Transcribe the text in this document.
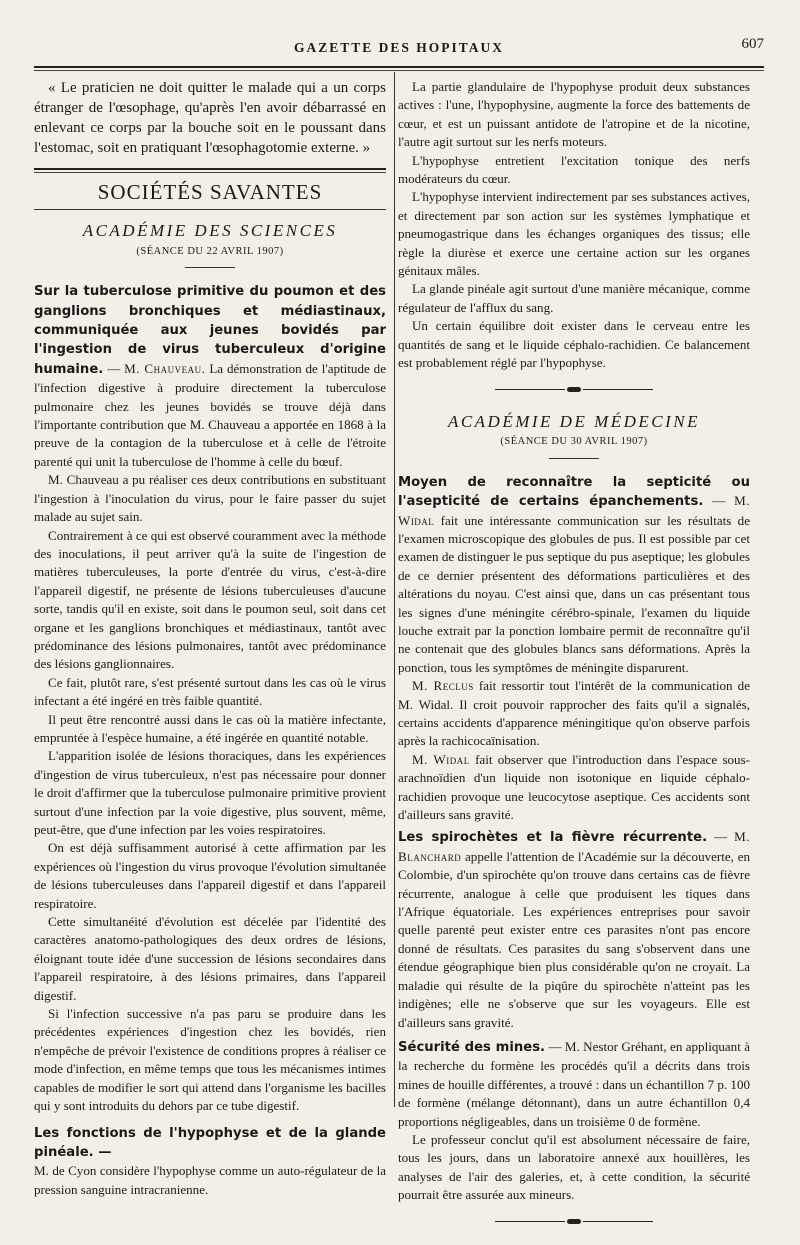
GAZETTE DES HOPITAUX	607

« Le praticien ne doit quitter le malade qui a un corps étranger de l'œsophage, qu'après l'en avoir débarrassé en enlevant ce corps par la bouche soit en le poussant dans l'estomac, soit en pratiquant l'œsophagotomie externe. »

SOCIÉTÉS SAVANTES
ACADÉMIE DES SCIENCES
(SÉANCE DU 22 AVRIL 1907)

Sur la tuberculose primitive du poumon et des ganglions bronchiques et médiastinaux, communiquée aux jeunes bovidés par l'ingestion de virus tuberculeux d'origine humaine. — M. Chauveau. La démonstration de l'aptitude de l'infection digestive à produire directement la tuberculose pulmonaire chez les jeunes bovidés se trouve déjà dans l'importante contribution que M. Chauveau a apportée en 1868 à la preuve de la contagion de la tuberculose et à celle de l'étroite parenté qui unit la tuberculose de l'homme à celle du bœuf.

M. Chauveau a pu réaliser ces deux contributions en substituant l'ingestion à l'inoculation du virus, pour le faire passer du sujet malade au sujet sain.

Contrairement à ce qui est observé couramment avec la méthode des inoculations, il peut arriver qu'à la suite de l'ingestion de matières tuberculeuses, la porte d'entrée du virus, c'est-à-dire l'appareil digestif, ne présente de lésions tuberculeuses d'aucune sorte, tandis qu'il en existe, soit dans le poumon seul, soit dans cet organe et les ganglions bronchiques et médiastinaux, tantôt avec prédominance des lésions pulmonaires, tantôt avec prédominance des lésions ganglionnaires.

Ce fait, plutôt rare, s'est présenté surtout dans les cas où le virus infectant a été ingéré en très faible quantité.

Il peut être rencontré aussi dans le cas où la matière infectante, empruntée à l'espèce humaine, a été ingérée en quantité notable.

L'apparition isolée de lésions thoraciques, dans les expériences d'ingestion de virus tuberculeux, n'est pas nécessaire pour donner le droit d'affirmer que la tuberculose pulmonaire primitive provient surtout d'une infection par la voie digestive, plus souvent, même, peut-être, que d'une infection par les voies respiratoires.

On est déjà suffisamment autorisé à cette affirmation par les expériences où l'ingestion du virus provoque l'évolution simultanée de lésions tuberculeuses dans l'appareil digestif et dans l'appareil respiratoire.

Cette simultanéité d'évolution est décelée par l'identité des caractères anatomo-pathologiques des deux ordres de lésions, éloignant toute idée d'une succession de lésions secondaires dans l'appareil respiratoire, à des lésions primaires, dans l'appareil digestif.

Si l'infection successive n'a pas paru se produire dans les précédentes expériences d'ingestion chez les bovidés, rien n'empêche de prévoir l'existence de conditions propres à réaliser ce mode d'infection, en même temps que tous les mécanismes intimes capables de modifier le sort qui attend dans l'organisme les bacilles qui y sont introduits du dehors par ce tube digestif.

Les fonctions de l'hypophyse et de la glande pinéale. —

M. de Cyon considère l'hypophyse comme un auto-régulateur de la pression sanguine intracranienne.

La partie glandulaire de l'hypophyse produit deux substances actives : l'une, l'hypophysine, augmente la force des battements de cœur, et est un puissant antidote de l'atropine et de la nicotine, l'autre agit surtout sur les nerfs moteurs.

L'hypophyse entretient l'excitation tonique des nerfs modérateurs du cœur.

L'hypophyse intervient indirectement par ses substances actives, et directement par son action sur les systèmes lymphatique et pneumogastrique dans les échanges organiques des tissus; elle règle la diurèse et exerce une certaine action sur les organes génitaux mâles.

La glande pinéale agit surtout d'une manière mécanique, comme régulateur de l'afflux du sang.

Un certain équilibre doit exister dans le cerveau entre les quantités de sang et le liquide céphalo-rachidien. Ce balancement est probablement réglé par l'hypophyse.

ACADÉMIE DE MÉDECINE
(SÉANCE DU 30 AVRIL 1907)

Moyen de reconnaître la septicité ou l'asepticité de certains épanchements. — M. Widal fait une intéressante communication sur les résultats de l'examen microscopique des globules de pus. Il est possible par cet examen de distinguer le pus septique du pus aseptique; les globules de ce dernier présentent des déformations particulières et des altérations du noyau. C'est ainsi que, dans un cas présentant tous les signes d'une méningite cérébro-spinale, l'examen du liquide louche extrait par la ponction lombaire permit de reconnaître qu'il ne contenait que des globules blancs sans déformations. Après la ponction, tous les symptômes de méningite disparurent.

M. Reclus fait ressortir tout l'intérêt de la communication de M. Widal. Il croit pouvoir rapprocher des faits qu'il a signalés, certains accidents d'apparence méningitique qu'on observe parfois après la rachicocaïnisation.

M. Widal fait observer que l'introduction dans l'espace sous-arachnoïdien d'un liquide non isotonique en liquide céphalo-rachidien provoque une leucocytose aseptique. Ces accidents sont d'ailleurs sans gravité.

Les spirochètes et la fièvre récurrente. — M. Blanchard appelle l'attention de l'Académie sur la découverte, en Colombie, d'un spirochète qu'on trouve dans certains cas de fièvre récurrente, analogue à celle que produisent les tiques dans l'Afrique équatoriale. Les expériences entreprises pour savoir quelle parenté peut exister entre ces parasites n'ont pas encore donné de résultats. Ces parasites du sang s'observent dans une étendue géographique bien plus considérable qu'on ne croyait. La maladie qui résulte de la piqûre du spirochète n'atteint pas les indigènes; elle ne s'observe que sur les voyageurs. Elle est d'ailleurs sans gravité.

Sécurité des mines. — M. Nestor Gréhant, en appliquant à la recherche du formène les procédés qu'il a décrits dans trois mines de houille différentes, a trouvé : dans un échantillon 7 p. 100 de formène (mélange détonnant), dans un autre échantillon 0,4 proportions négligeables, dans un troisième 0 de formène.

Le professeur conclut qu'il est absolument nécessaire de faire, tous les jours, dans un laboratoire annexé aux houillères, les analyses de l'air des galeries, et, à cette condition, la sécurité pourrait être assurée aux mineurs.
